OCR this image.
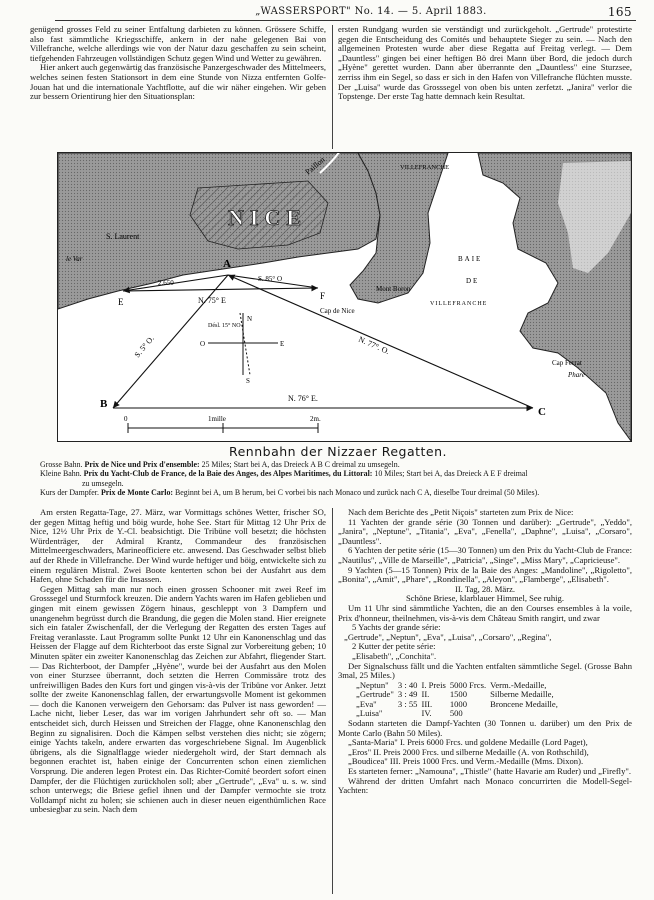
„WASSERSPORT" No. 14. — 5. April 1883.	165

genügend grosses Feld zu seiner Entfaltung darbieten zu können. Grössere Schiffe, also fast sämmtliche Kriegsschiffe, ankern in der nahe gelegenen Bai von Villefranche, welche allerdings wie von der Natur dazu geschaffen zu sein scheint, tiefgehenden Fahrzeugen vollständigen Schutz gegen Wind und Wetter zu gewähren.

Hier ankert auch gegenwärtig das französische Panzergeschwader des Mittelmeers, welches seinen festen Stationsort in dem eine Stunde von Nizza entfernten Golfe-Jouan hat und die internationale Yachtflotte, auf die wir näher eingehen. Wir geben zur bessern Orientirung hier den Situationsplan:

ersten Rundgang wurden sie verständigt und zurückgeholt. „Gertrude" protestirte gegen die Entscheidung des Comités und behauptete Sieger zu sein. — Nach den allgemeinen Protesten wurde aber diese Regatta auf Freitag verlegt. — Dem „Dauntless" gingen bei einer heftigen Bö drei Mann über Bord, die jedoch durch „Hyène" gerettet wurden. Dann aber überrannte den „Dauntless" eine Sturzsee, zerriss ihm ein Segel, so dass er sich in den Hafen von Villefranche flüchten musste. Der „Luisa" wurde das Grosssegel von oben bis unten zerfetzt. „Janira" verlor die Topstenge. Der erste Tag hatte demnach kein Resultat.

NICE
Paillon
S. Laurent
le Var
VILLEFRANCHE
BAIE
DE
VILLEFRANCHE
Mont Boron
Cap de Nice
Cap Ferrat
Phare
N
S
O	E
Désl. 15° NO
A
B
C
E
F
N. 75° E
S. 85° O
2.650
S. 5° O.	N. 77°. O.
N. 76° E.
0	1mille	2m.
Rennbahn der Nizzaer Regatten.
Grosse Bahn. Prix de Nice und Prix d'ensemble: 25 Miles; Start bei A, das Dreieck A B C dreimal zu umsegeln.
Kleine Bahn. Prix du Yacht-Club de France, de la Baie des Anges, des Alpes Maritimes, du Littoral: 10 Miles; Start bei A, das Dreieck A E F dreimal
zu umsegeln.
Kurs der Dampfer. Prix de Monte Carlo: Beginnt bei A, um B herum, bei C vorbei bis nach Monaco und zurück nach C A, dieselbe Tour dreimal (50 Miles).

Am ersten Regatta-Tage, 27. März, war Vormittags schönes Wetter, frischer SO, der gegen Mittag heftig und böig wurde, hohe See. Start für Mittag 12 Uhr Prix de Nice, 12½ Uhr Prix de Y.-Cl. beabsichtigt. Die Tribüne voll besetzt; die höchsten Würdenträger, der Admiral Krantz, Commandeur des französischen Mittelmeergeschwaders, Marineofficiere etc. anwesend. Das Geschwader selbst blieb auf der Rhede in Villefranche. Der Wind wurde heftiger und böig, entwickelte sich zu einem regulären Mistral. Zwei Boote kenterten schon bei der Ausfahrt aus dem Hafen, ohne Schaden für die Insassen.

Gegen Mittag sah man nur noch einen grossen Schooner mit zwei Reef im Grosssegel und Sturmfock kreuzen. Die andern Yachts waren im Hafen geblieben und gingen mit einem gewissen Zögern hinaus, geschleppt von 3 Dampfern und unangenehm begrüsst durch die Brandung, die gegen die Molen stand. Hier ereignete sich ein fataler Zwischenfall, der die Verlegung der Regatten des ersten Tages auf Freitag veranlasste. Laut Programm sollte Punkt 12 Uhr ein Kanonenschlag und das Heissen der Flagge auf dem Richterboot das erste Signal zur Vorbereitung geben; 10 Minuten später ein zweiter Kanonenschlag das Zeichen zur Abfahrt, fliegender Start. — Das Richterboot, der Dampfer „Hyène", wurde bei der Ausfahrt aus den Molen von einer Sturzsee überrannt, doch setzten die Herren Commissäre trotz des unfreiwilligen Bades den Kurs fort und gingen vis-à-vis der Tribüne vor Anker. Jetzt sollte der zweite Kanonenschlag fallen, der erwartungsvolle Moment ist gekommen — doch die Kanonen verweigern den Gehorsam: das Pulver ist nass geworden! — Lache nicht, lieber Leser, das war im vorigen Jahrhundert sehr oft so. — Man entscheidet sich, durch Heissen und Streichen der Flagge, ohne Kanonenschlag den Beginn zu signalisiren. Doch die Kämpen selbst verstehen dies nicht; sie zögern; einige Yachts takeln, andere erwarten das vorgeschriebene Signal. Im Augenblick übrigens, als die Signalflagge wieder niedergeholt wird, der Start demnach als begonnen erachtet ist, haben einige der Concurrenten schon einen ziemlichen Vorsprung. Die anderen legen Protest ein. Das Richter-Comité beordert sofort einen Dampfer, der die Flüchtigen zurückholen soll; aber „Gertrude", „Eva" u. s. w. sind schon unterwegs; die Briese gefiel ihnen und der Dampfer vermochte sie trotz Volldampf nicht zu holen; sie schienen auch in dieser neuen eigenthümlichen Race unbesiegbar zu sein. Nach dem

Nach dem Berichte des „Petit Niçois" starteten zum Prix de Nice:

11 Yachten der grande série (30 Tonnen und darüber): „Gertrude", „Yeddo", „Janira", „Neptune", „Titania", „Eva", „Fenella", „Daphne", „Luisa", „Corsaro", „Dauntless".

6 Yachten der petite série (15—30 Tonnen) um den Prix du Yacht-Club de France: „Nautilus", „Ville de Marseille", „Patricia", „Singe", „Miss Mary", „Capricieuse".

9 Yachten (5—15 Tonnen) Prix de la Baie des Anges: „Mandoline", „Rigoletto", „Bonita", „Amit", „Phare", „Rondinella", „Aleyon", „Flamberge", „Elisabeth".

II. Tag, 28. März.

Schöne Briese, klarblauer Himmel, See ruhig.

Um 11 Uhr sind sämmtliche Yachten, die an den Courses ensembles à la voile, Prix d'honneur, theilnehmen, vis-à-vis dem Château Smith rangirt, und zwar

5 Yachts der grande série:

„Gertrude", „Neptun", „Eva", „Luisa", „Corsaro", „Regina",

2 Kutter der petite série:

„Elisabeth", „Conchita".

Der Signalschuss fällt und die Yachten entfalten sämmtliche Segel. (Grosse Bahn 3mal, 25 Miles.)

„Neptun"	3 : 40	I. Preis	5000 Frcs.	Verm.-Medaille,
„Gertrude"	3 : 49	II.	1500	Silberne Medaille,
„Eva"	3 : 55	III.	1000	Broncene Medaille,
„Luisa"		IV.	500	

Sodann starteten die Dampf-Yachten (30 Tonnen u. darüber) um den Prix de Monte Carlo (Bahn 50 Miles).

„Santa-Maria" I. Preis 6000 Frcs. und goldene Medaille (Lord Paget),

„Eros" II. Preis 2000 Frcs. und silberne Medaille (A. von Rothschild),

„Boudicea" III. Preis 1000 Frcs. und Verm.-Medaille (Mms. Dixon).

Es starteten ferner: „Namouna", „Thistle" (hatte Havarie am Ruder) und „Firefly".

Während der dritten Umfahrt nach Monaco concurrirten die Modell-Segel-Yachten:
